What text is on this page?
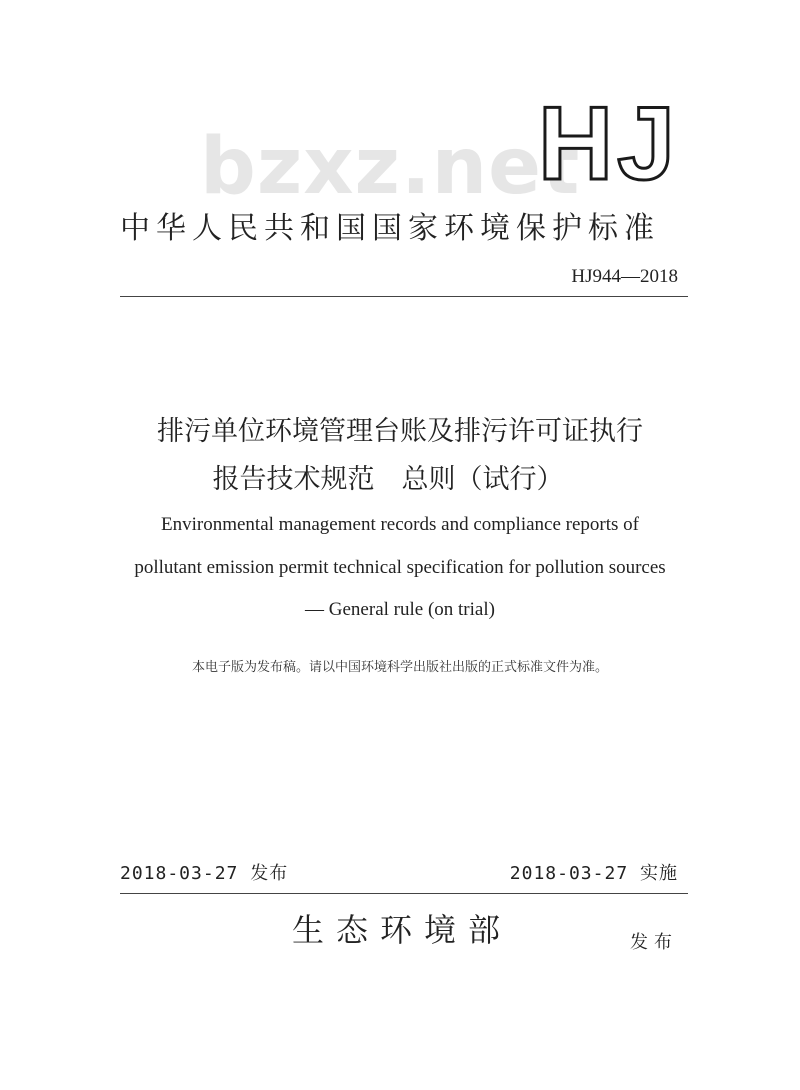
bzxz.net
HJ
中华人民共和国国家环境保护标准
HJ944—2018
排污单位环境管理台账及排污许可证执行
报告技术规范　总则（试行）
Environmental management records and compliance reports of
pollutant emission permit technical specification for pollution sources
— General rule (on trial)
本电子版为发布稿。请以中国环境科学出版社出版的正式标准文件为准。
2018-03-27 发布	2018-03-27 实施
生态环境部	发布
